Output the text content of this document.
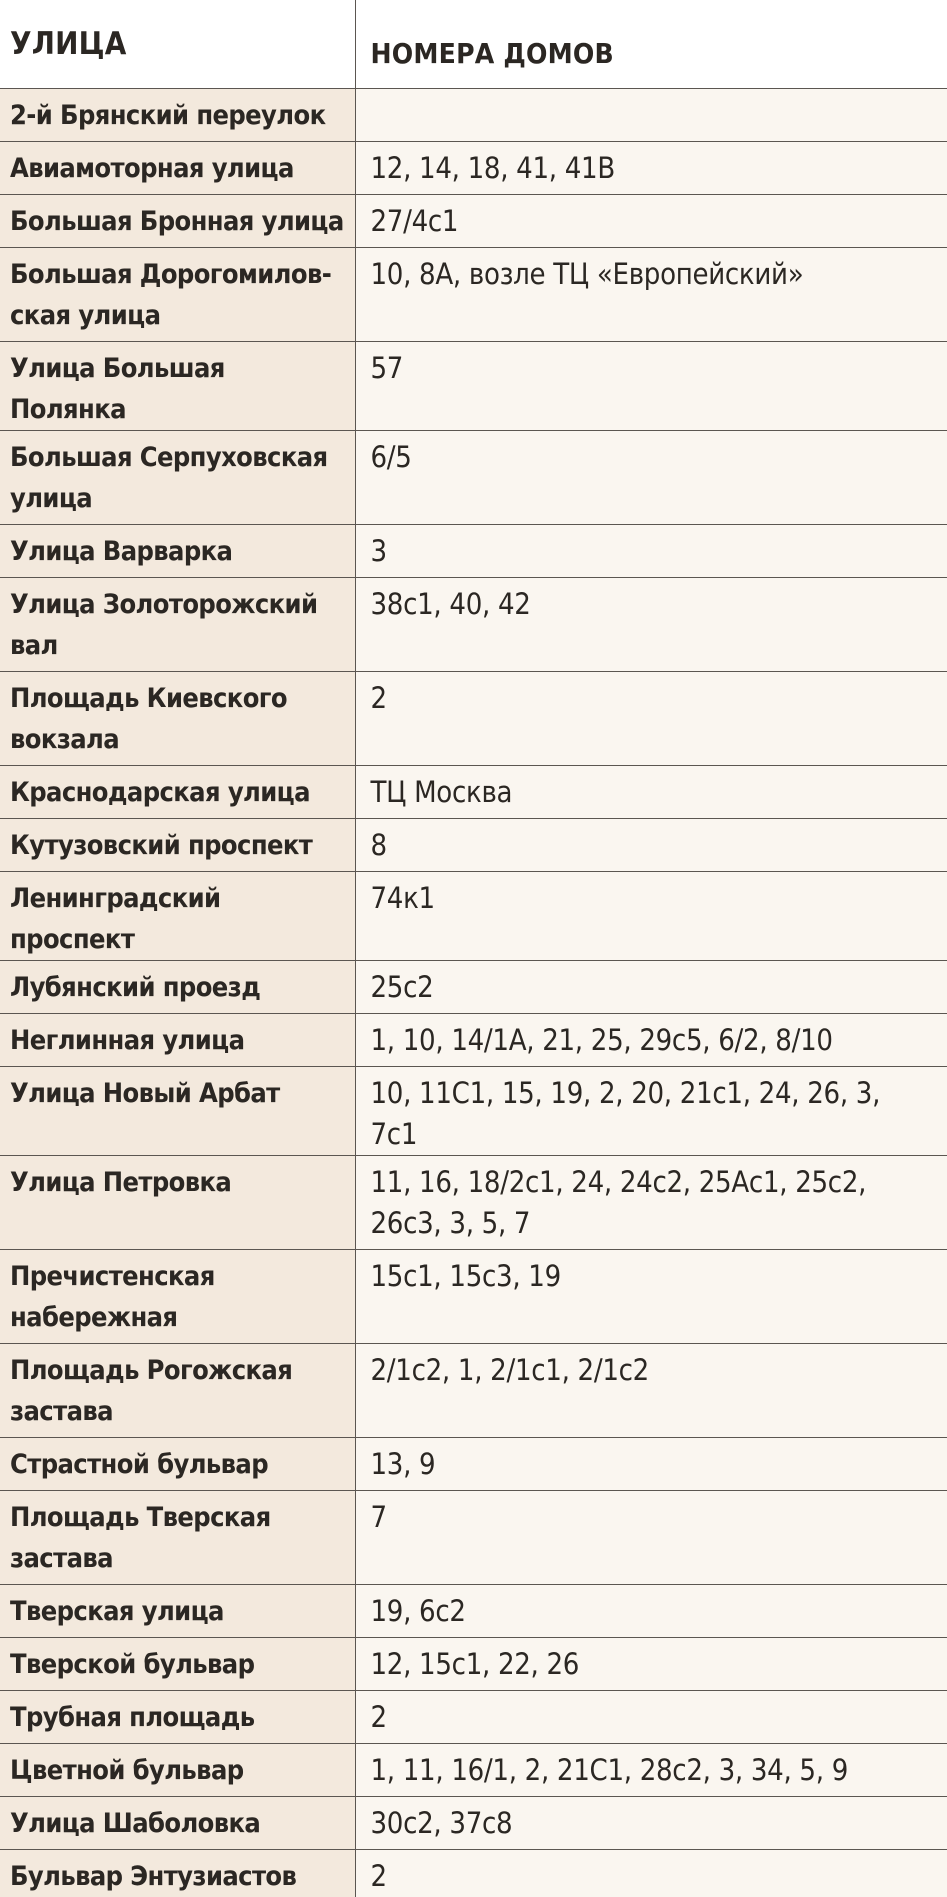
УЛИЦА	НОМЕРА ДОМОВ
2-й Брянский переулок	
Авиамоторная улица	12, 14, 18, 41, 41В
Большая Бронная улица	27/4с1
Большая Дорогомилов-ская улица	10, 8А, возле ТЦ «Европейский»
Улица Большая Полянка	57
Большая Серпуховская улица	6/5
Улица Варварка	3
Улица Золоторожский вал	38с1, 40, 42
Площадь Киевского вокзала	2
Краснодарская улица	ТЦ Москва
Кутузовский проспект	8
Ленинградский проспект	74к1
Лубянский проезд	25с2
Неглинная улица	1, 10, 14/1А, 21, 25, 29с5, 6/2, 8/10
Улица Новый Арбат	10, 11С1, 15, 19, 2, 20, 21с1, 24, 26, 3, 7с1
Улица Петровка	11, 16, 18/2с1, 24, 24с2, 25Ас1, 25с2, 26с3, 3, 5, 7
Пречистенская набережная	15с1, 15с3, 19
Площадь Рогожская застава	2/1с2, 1, 2/1с1, 2/1с2
Страстной бульвар	13, 9
Площадь Тверская застава	7
Тверская улица	19, 6с2
Тверской бульвар	12, 15с1, 22, 26
Трубная площадь	2
Цветной бульвар	1, 11, 16/1, 2, 21С1, 28с2, 3, 34, 5, 9
Улица Шаболовка	30с2, 37с8
Бульвар Энтузиастов	2
